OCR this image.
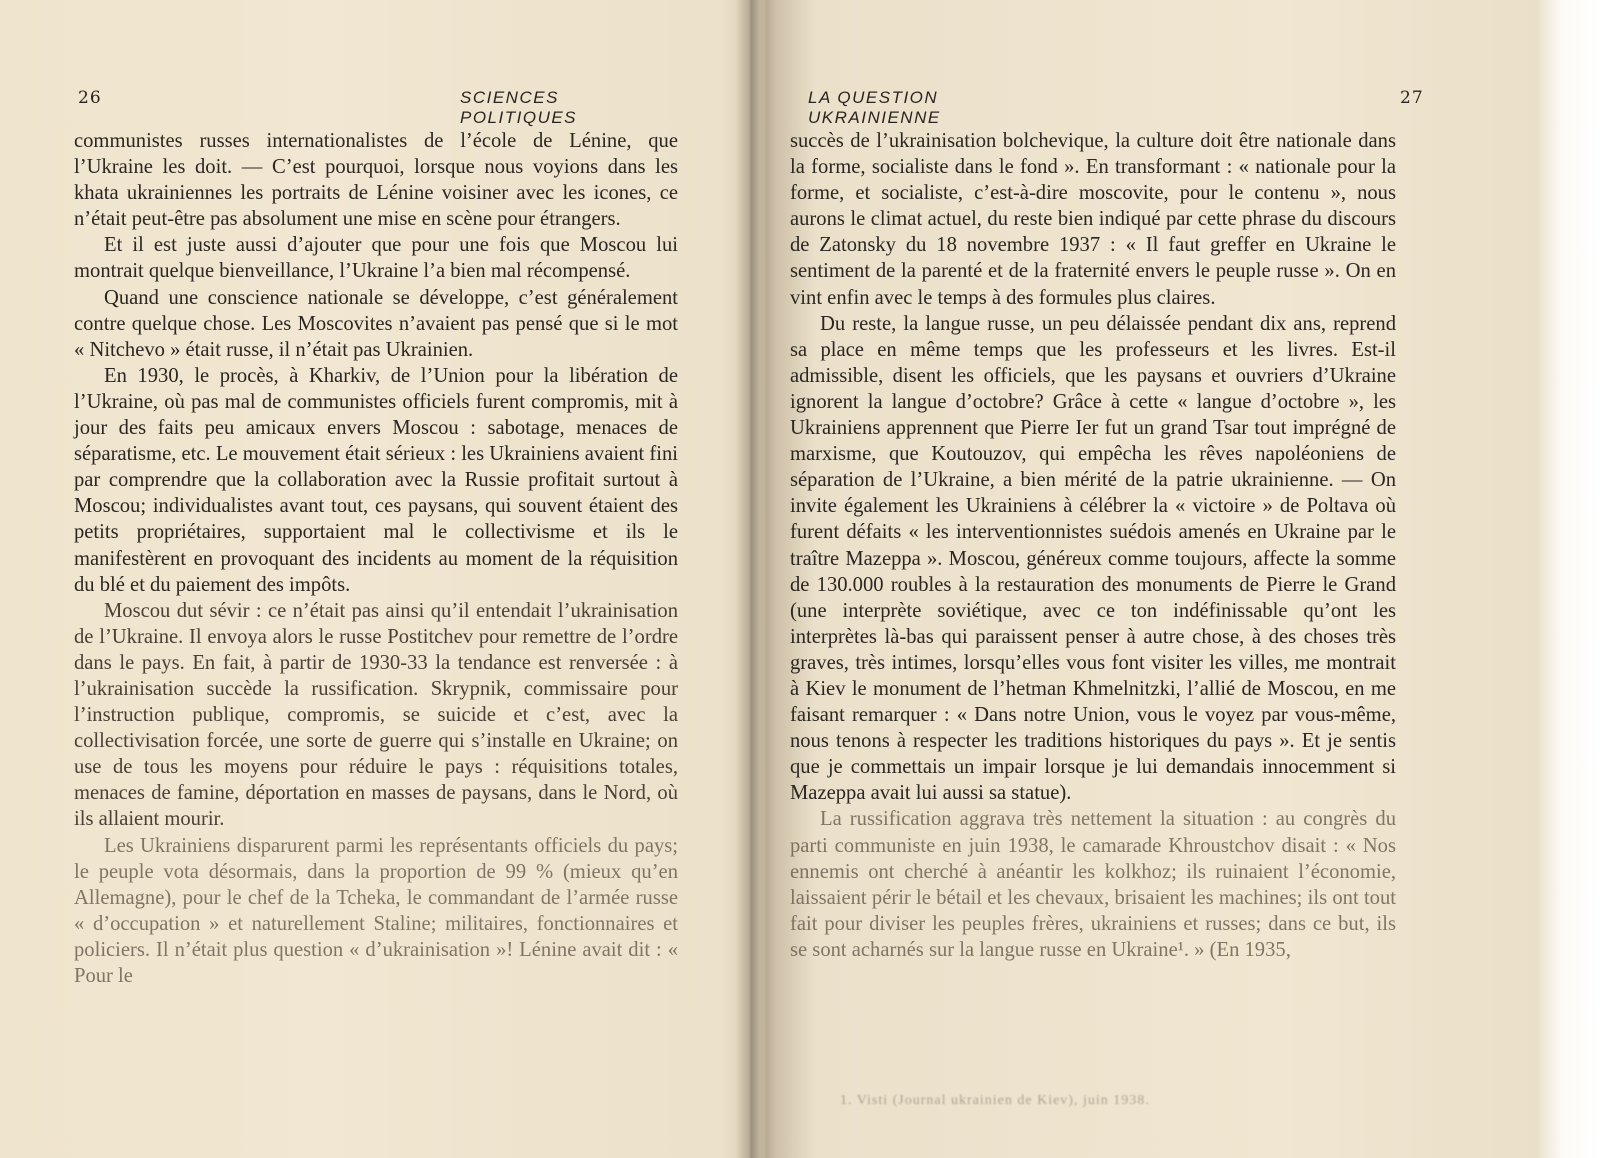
26	SCIENCES POLITIQUES

communistes russes internationalistes de l’école de Lénine, que l’Ukraine les doit. — C’est pourquoi, lorsque nous voyions dans les khata ukrainiennes les portraits de Lénine voisiner avec les icones, ce n’était peut-être pas absolument une mise en scène pour étrangers.

Et il est juste aussi d’ajouter que pour une fois que Moscou lui montrait quelque bienveillance, l’Ukraine l’a bien mal récompensé.

Quand une conscience nationale se développe, c’est généralement contre quelque chose. Les Moscovites n’avaient pas pensé que si le mot « Nitchevo » était russe, il n’était pas Ukrainien.

En 1930, le procès, à Kharkiv, de l’Union pour la libération de l’Ukraine, où pas mal de communistes officiels furent compromis, mit à jour des faits peu amicaux envers Moscou : sabotage, menaces de séparatisme, etc. Le mouvement était sérieux : les Ukrainiens avaient fini par comprendre que la collaboration avec la Russie profitait surtout à Moscou; individualistes avant tout, ces paysans, qui souvent étaient des petits propriétaires, supportaient mal le collectivisme et ils le manifestèrent en provoquant des incidents au moment de la réquisition du blé et du paiement des impôts.

Moscou dut sévir : ce n’était pas ainsi qu’il entendait l’ukrainisation de l’Ukraine. Il envoya alors le russe Postitchev pour remettre de l’ordre dans le pays. En fait, à partir de 1930-33 la tendance est renversée : à l’ukrainisation succède la russification. Skrypnik, commissaire pour l’instruction publique, compromis, se suicide et c’est, avec la collectivisation forcée, une sorte de guerre qui s’installe en Ukraine; on use de tous les moyens pour réduire le pays : réquisitions totales, menaces de famine, déportation en masses de paysans, dans le Nord, où ils allaient mourir.

Les Ukrainiens disparurent parmi les représentants officiels du pays; le peuple vota désormais, dans la proportion de 99 % (mieux qu’en Allemagne), pour le chef de la Tcheka, le commandant de l’armée russe « d’occupation » et naturellement Staline; militaires, fonctionnaires et policiers. Il n’était plus question « d’ukrainisation »! Lénine avait dit : « Pour le

LA QUESTION UKRAINIENNE
27

succès de l’ukrainisation bolchevique, la culture doit être nationale dans la forme, socialiste dans le fond ». En transformant : « nationale pour la forme, et socialiste, c’est-à-dire moscovite, pour le contenu », nous aurons le climat actuel, du reste bien indiqué par cette phrase du discours de Zatonsky du 18 novembre 1937 : « Il faut greffer en Ukraine le sentiment de la parenté et de la fraternité envers le peuple russe ». On en vint enfin avec le temps à des formules plus claires.

Du reste, la langue russe, un peu délaissée pendant dix ans, reprend sa place en même temps que les professeurs et les livres. Est-il admissible, disent les officiels, que les paysans et ouvriers d’Ukraine ignorent la langue d’octobre? Grâce à cette « langue d’octobre », les Ukrainiens apprennent que Pierre Ier fut un grand Tsar tout imprégné de marxisme, que Koutouzov, qui empêcha les rêves napoléoniens de séparation de l’Ukraine, a bien mérité de la patrie ukrainienne. — On invite également les Ukrainiens à célébrer la « victoire » de Poltava où furent défaits « les interventionnistes suédois amenés en Ukraine par le traître Mazeppa ». Moscou, généreux comme toujours, affecte la somme de 130.000 roubles à la restauration des monuments de Pierre le Grand (une interprète soviétique, avec ce ton indéfinissable qu’ont les interprètes là-bas qui paraissent penser à autre chose, à des choses très graves, très intimes, lorsqu’elles vous font visiter les villes, me montrait à Kiev le monument de l’hetman Khmelnitzki, l’allié de Moscou, en me faisant remarquer : « Dans notre Union, vous le voyez par vous-même, nous tenons à respecter les traditions historiques du pays ». Et je sentis que je commettais un impair lorsque je lui demandais innocemment si Mazeppa avait lui aussi sa statue).

La russification aggrava très nettement la situation : au congrès du parti communiste en juin 1938, le camarade Khroustchov disait : « Nos ennemis ont cherché à anéantir les kolkhoz; ils ruinaient l’économie, laissaient périr le bétail et les chevaux, brisaient les machines; ils ont tout fait pour diviser les peuples frères, ukrainiens et russes; dans ce but, ils se sont acharnés sur la langue russe en Ukraine¹. » (En 1935,

1. Visti (Journal ukrainien de Kiev), juin 1938.
